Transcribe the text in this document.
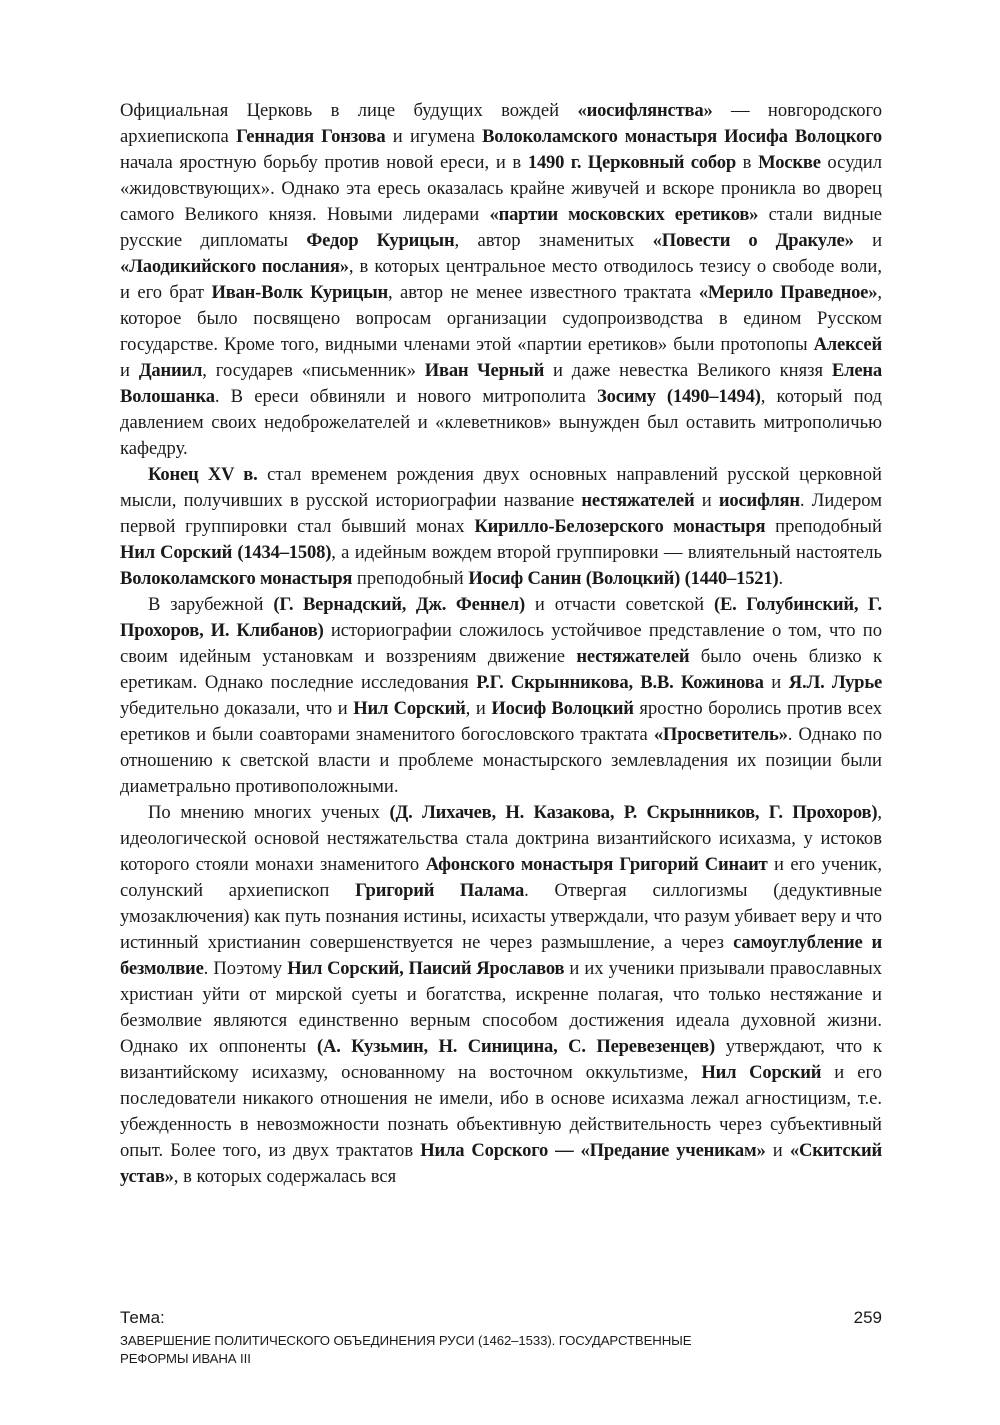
Официальная Церковь в лице будущих вождей «иосифлянства» — новгородского архиепископа Геннадия Гонзова и игумена Волоколамского монастыря Иосифа Волоцкого начала яростную борьбу против новой ереси, и в 1490 г. Церковный собор в Москве осудил «жидовствующих». Однако эта ересь оказалась крайне живучей и вскоре проникла во дворец самого Великого князя. Новыми лидерами «партии московских еретиков» стали видные русские дипломаты Федор Курицын, автор знаменитых «Повести о Дракуле» и «Лаодикийского послания», в которых центральное место отводилось тезису о свободе воли, и его брат Иван-Волк Курицын, автор не менее известного трактата «Мерило Праведное», которое было посвящено вопросам организации судопроизводства в едином Русском государстве. Кроме того, видными членами этой «партии еретиков» были протопопы Алексей и Даниил, государев «письменник» Иван Черный и даже невестка Великого князя Елена Волошанка. В ереси обвиняли и нового митрополита Зосиму (1490–1494), который под давлением своих недоброжелателей и «клеветников» вынужден был оставить митрополичью кафедру.

Конец XV в. стал временем рождения двух основных направлений русской церковной мысли, получивших в русской историографии название нестяжателей и иосифлян. Лидером первой группировки стал бывший монах Кирилло-Белозерского монастыря преподобный Нил Сорский (1434–1508), а идейным вождем второй группировки — влиятельный настоятель Волоколамского монастыря преподобный Иосиф Санин (Волоцкий) (1440–1521).

В зарубежной (Г. Вернадский, Дж. Феннел) и отчасти советской (Е. Голубинский, Г. Прохоров, И. Клибанов) историографии сложилось устойчивое представление о том, что по своим идейным установкам и воззрениям движение нестяжателей было очень близко к еретикам. Однако последние исследования Р.Г. Скрынникова, В.В. Кожинова и Я.Л. Лурье убедительно доказали, что и Нил Сорский, и Иосиф Волоцкий яростно боролись против всех еретиков и были соавторами знаменитого богословского трактата «Просветитель». Однако по отношению к светской власти и проблеме монастырского землевладения их позиции были диаметрально противоположными.

По мнению многих ученых (Д. Лихачев, Н. Казакова, Р. Скрынников, Г. Прохоров), идеологической основой нестяжательства стала доктрина византийского исихазма, у истоков которого стояли монахи знаменитого Афонского монастыря Григорий Синаит и его ученик, солунский архиепископ Григорий Палама. Отвергая силлогизмы (дедуктивные умозаключения) как путь познания истины, исихасты утверждали, что разум убивает веру и что истинный христианин совершенствуется не через размышление, а через самоуглубление и безмолвие. Поэтому Нил Сорский, Паисий Ярославов и их ученики призывали православных христиан уйти от мирской суеты и богатства, искренне полагая, что только нестяжание и безмолвие являются единственно верным способом достижения идеала духовной жизни. Однако их оппоненты (А. Кузьмин, Н. Синицина, С. Перевезенцев) утверждают, что к византийскому исихазму, основанному на восточном оккультизме, Нил Сорский и его последователи никакого отношения не имели, ибо в основе исихазма лежал агностицизм, т.е. убежденность в невозможности познать объективную действительность через субъективный опыт. Более того, из двух трактатов Нила Сорского — «Предание ученикам» и «Скитский устав», в которых содержалась вся

Тема:	259
ЗАВЕРШЕНИЕ ПОЛИТИЧЕСКОГО ОБЪЕДИНЕНИЯ РУСИ (1462–1533). ГОСУДАРСТВЕННЫЕ РЕФОРМЫ ИВАНА III
